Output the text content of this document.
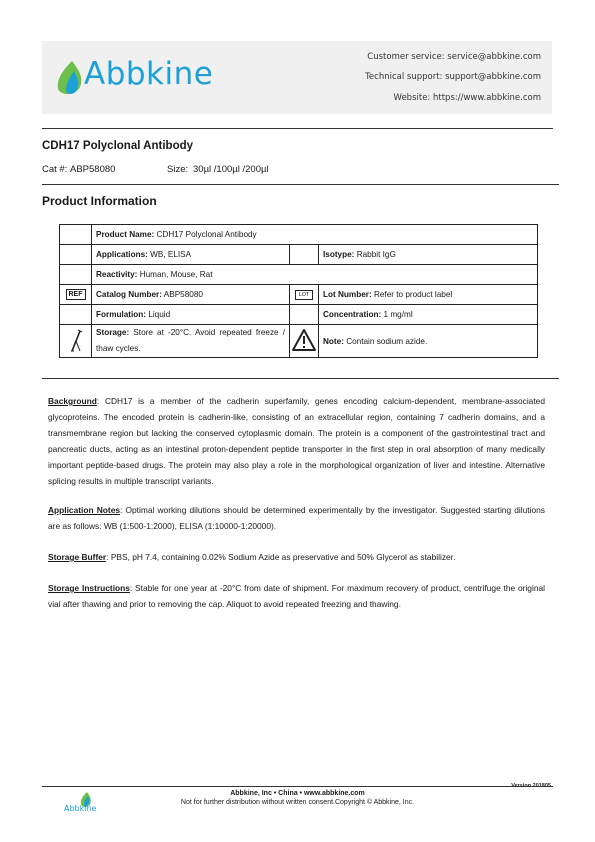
Abbkine	Customer service: service@abbkine.com
Technical support: support@abbkine.com
Website: https://www.abbkine.com
CDH17 Polyclonal Antibody
Cat #: ABP58080	Size: 30µl /100µl /200µl
Product Information
	Product Name: CDH17 Polyclonal Antibody		
	Applications: WB, ELISA		Isotype: Rabbit IgG
	Reactivity: Human, Mouse, Rat		
REF	Catalog Number: ABP58080	LOT	Lot Number: Refer to product label
	Formulation: Liquid		Concentration: 1 mg/ml
	Storage: Store at -20°C. Avoid repeated freeze / thaw cycles.		Note: Contain sodium azide.
Background: CDH17 is a member of the cadherin superfamily, genes encoding calcium-dependent, membrane-associated glycoproteins. The encoded protein is cadherin-like, consisting of an extracellular region, containing 7 cadherin domains, and a transmembrane region but lacking the conserved cytoplasmic domain. The protein is a component of the gastrointestinal tract and pancreatic ducts, acting as an intestinal proton-dependent peptide transporter in the first step in oral absorption of many medically important peptide-based drugs. The protein may also play a role in the morphological organization of liver and intestine. Alternative splicing results in multiple transcript variants.
Application Notes: Optimal working dilutions should be determined experimentally by the investigator. Suggested starting dilutions are as follows: WB (1:500-1:2000), ELISA (1:10000-1:20000).
Storage Buffer: PBS, pH 7.4, containing 0.02% Sodium Azide as preservative and 50% Glycerol as stabilizer.
Storage Instructions: Stable for one year at -20°C from date of shipment. For maximum recovery of product, centrifuge the original vial after thawing and prior to removing the cap. Aliquot to avoid repeated freezing and thawing.
Version 201805
Abbkine
Abbkine, Inc • China • www.abbkine.com
Not for further distribution without written consent.Copyright © Abbkine, Inc.
